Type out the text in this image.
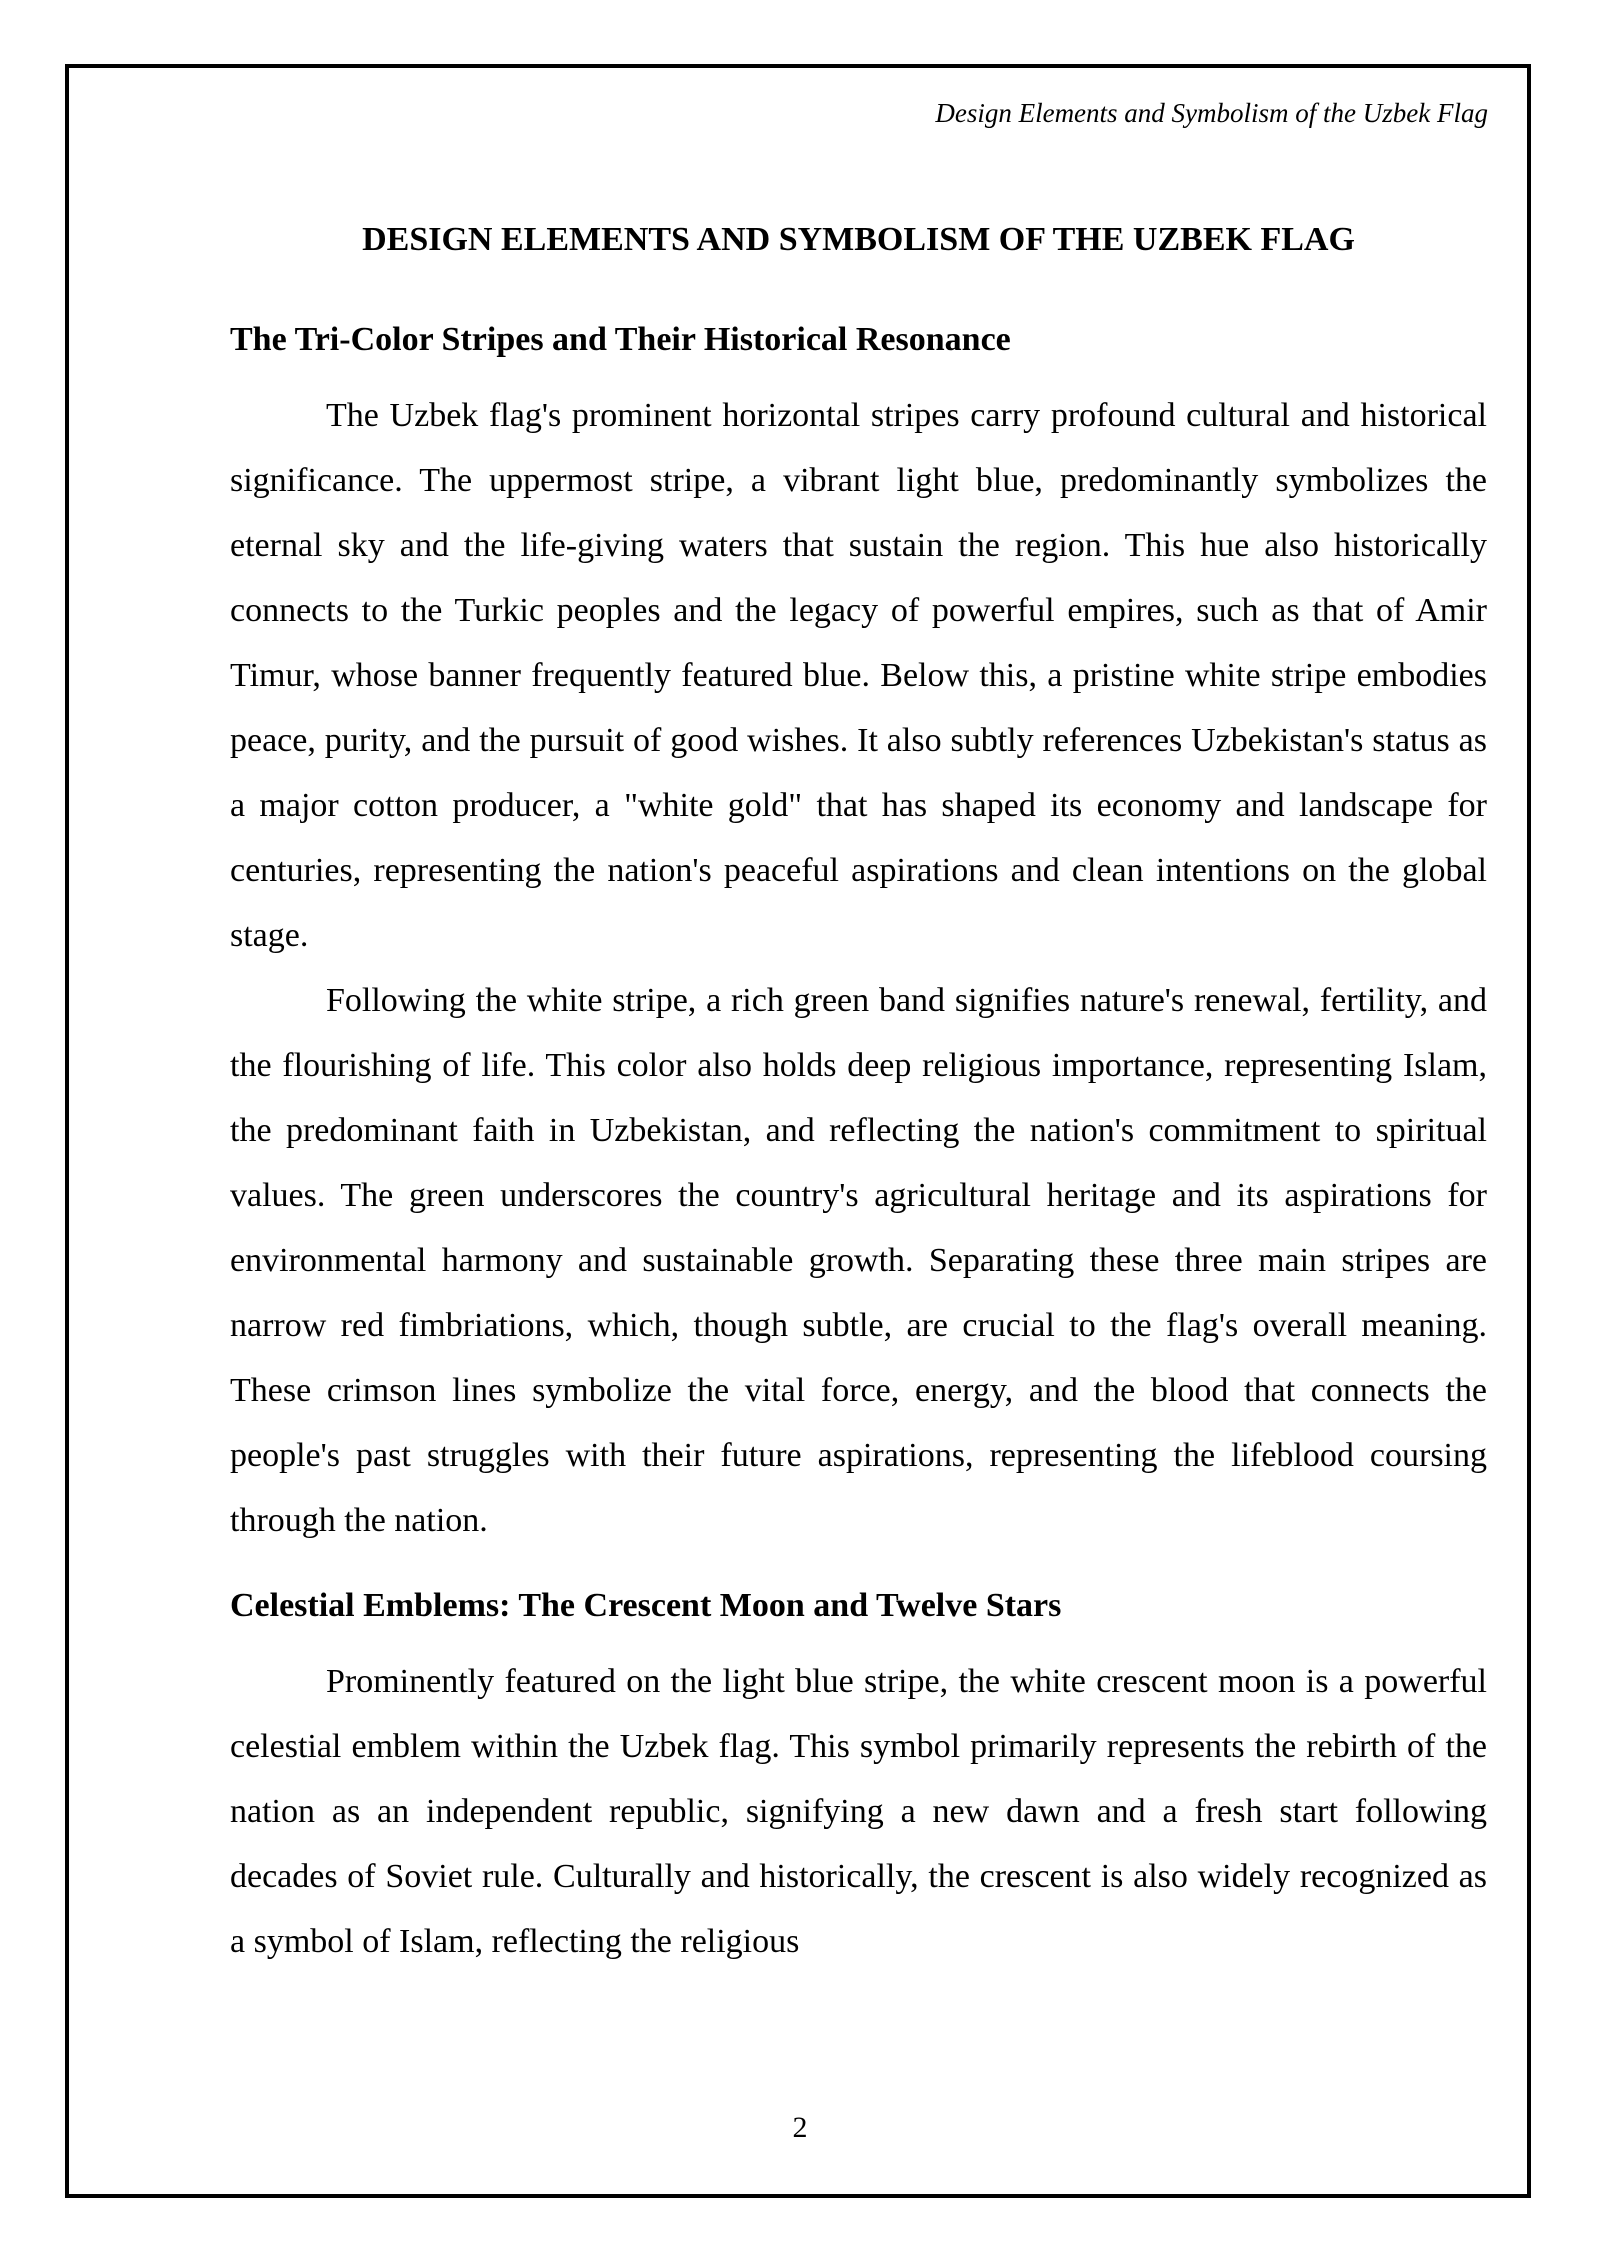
Design Elements and Symbolism of the Uzbek Flag
DESIGN ELEMENTS AND SYMBOLISM OF THE UZBEK FLAG
The Tri-Color Stripes and Their Historical Resonance

The Uzbek flag's prominent horizontal stripes carry profound cultural and historical significance. The uppermost stripe, a vibrant light blue, predominantly symbolizes the eternal sky and the life-giving waters that sustain the region. This hue also historically connects to the Turkic peoples and the legacy of powerful empires, such as that of Amir Timur, whose banner frequently featured blue. Below this, a pristine white stripe embodies peace, purity, and the pursuit of good wishes. It also subtly references Uzbekistan's status as a major cotton producer, a "white gold" that has shaped its economy and landscape for centuries, representing the nation's peaceful aspirations and clean intentions on the global stage.

Following the white stripe, a rich green band signifies nature's renewal, fertility, and the flourishing of life. This color also holds deep religious importance, representing Islam, the predominant faith in Uzbekistan, and reflecting the nation's commitment to spiritual values. The green underscores the country's agricultural heritage and its aspirations for environmental harmony and sustainable growth. Separating these three main stripes are narrow red fimbriations, which, though subtle, are crucial to the flag's overall meaning. These crimson lines symbolize the vital force, energy, and the blood that connects the people's past struggles with their future aspirations, representing the lifeblood coursing through the nation.

Celestial Emblems: The Crescent Moon and Twelve Stars

Prominently featured on the light blue stripe, the white crescent moon is a powerful celestial emblem within the Uzbek flag. This symbol primarily represents the rebirth of the nation as an independent republic, signifying a new dawn and a fresh start following decades of Soviet rule. Culturally and historically, the crescent is also widely recognized as a symbol of Islam, reflecting the religious

2
